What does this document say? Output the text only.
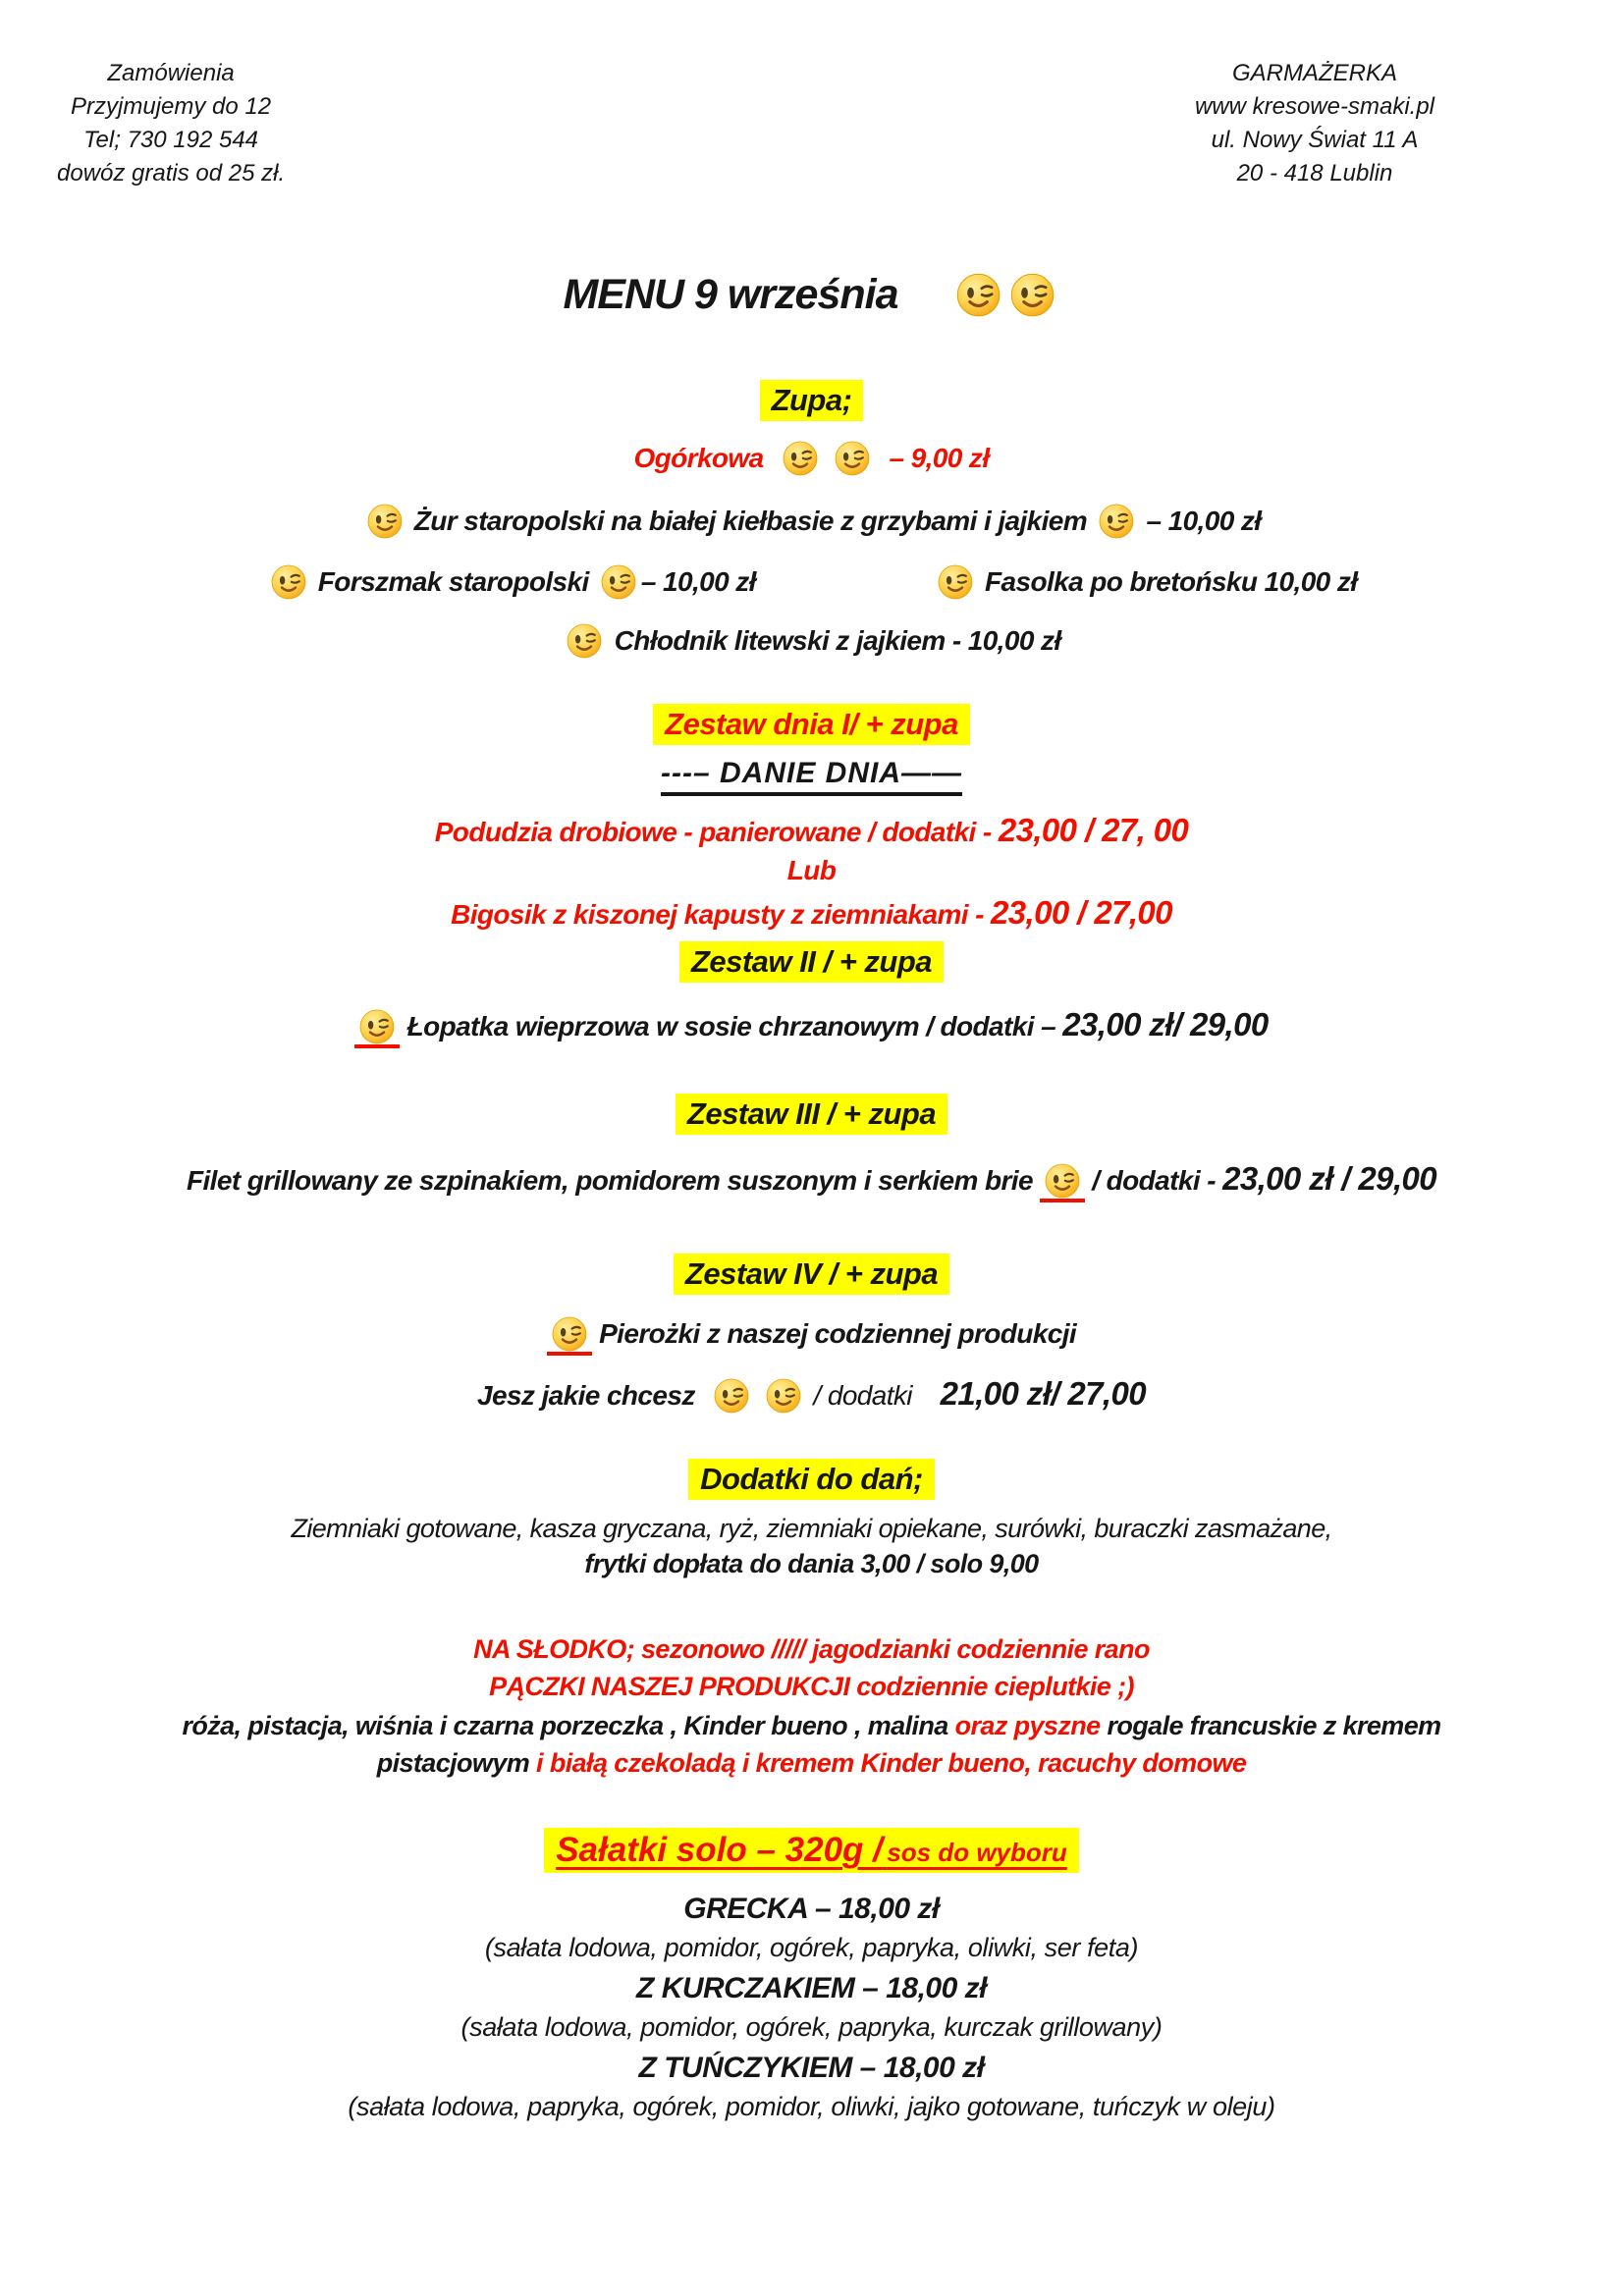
Zamówienia
Przyjmujemy do 12
Tel; 730 192 544
dowóz gratis od 25 zł.
GARMAŻERKA
www kresowe-smaki.pl
ul. Nowy Świat 11 A
20 - 418 Lublin
MENU 9 września
Zupa;
Ogórkowa	– 9,00 zł
Żur staropolski na białej kiełbasie z grzybami i jajkiem – 10,00 zł
Forszmak staropolski – 10,00 zł	Fasolka po bretońsku 10,00 zł
Chłodnik litewski z jajkiem - 10,00 zł
Zestaw dnia I/ + zupa
---– DANIE DNIA——
Podudzia drobiowe - panierowane / dodatki - 23,00 / 27, 00
Lub
Bigosik z kiszonej kapusty z ziemniakami - 23,00 / 27,00
Zestaw II / + zupa
Łopatka wieprzowa w sosie chrzanowym / dodatki – 23,00 zł/ 29,00
Zestaw III / + zupa
Filet grillowany ze szpinakiem, pomidorem suszonym i serkiem brie / dodatki - 23,00 zł / 29,00
Zestaw IV / + zupa
Pierożki z naszej codziennej produkcji
Jesz jakie chcesz	/ dodatki 21,00 zł/ 27,00
Dodatki do dań;
Ziemniaki gotowane, kasza gryczana, ryż, ziemniaki opiekane, surówki, buraczki zasmażane,
frytki dopłata do dania 3,00 / solo 9,00
NA SŁODKO; sezonowo ///// jagodzianki codziennie rano
PĄCZKI NASZEJ PRODUKCJI codziennie cieplutkie ;)
róża, pistacja, wiśnia i czarna porzeczka , Kinder bueno , malina oraz pyszne rogale francuskie z kremem
pistacjowym i białą czekoladą i kremem Kinder bueno, racuchy domowe
Sałatki solo – 320g / sos do wyboru
GRECKA – 18,00 zł
(sałata lodowa, pomidor, ogórek, papryka, oliwki, ser feta)
Z KURCZAKIEM – 18,00 zł
(sałata lodowa, pomidor, ogórek, papryka, kurczak grillowany)
Z TUŃCZYKIEM – 18,00 zł
(sałata lodowa, papryka, ogórek, pomidor, oliwki, jajko gotowane, tuńczyk w oleju)
